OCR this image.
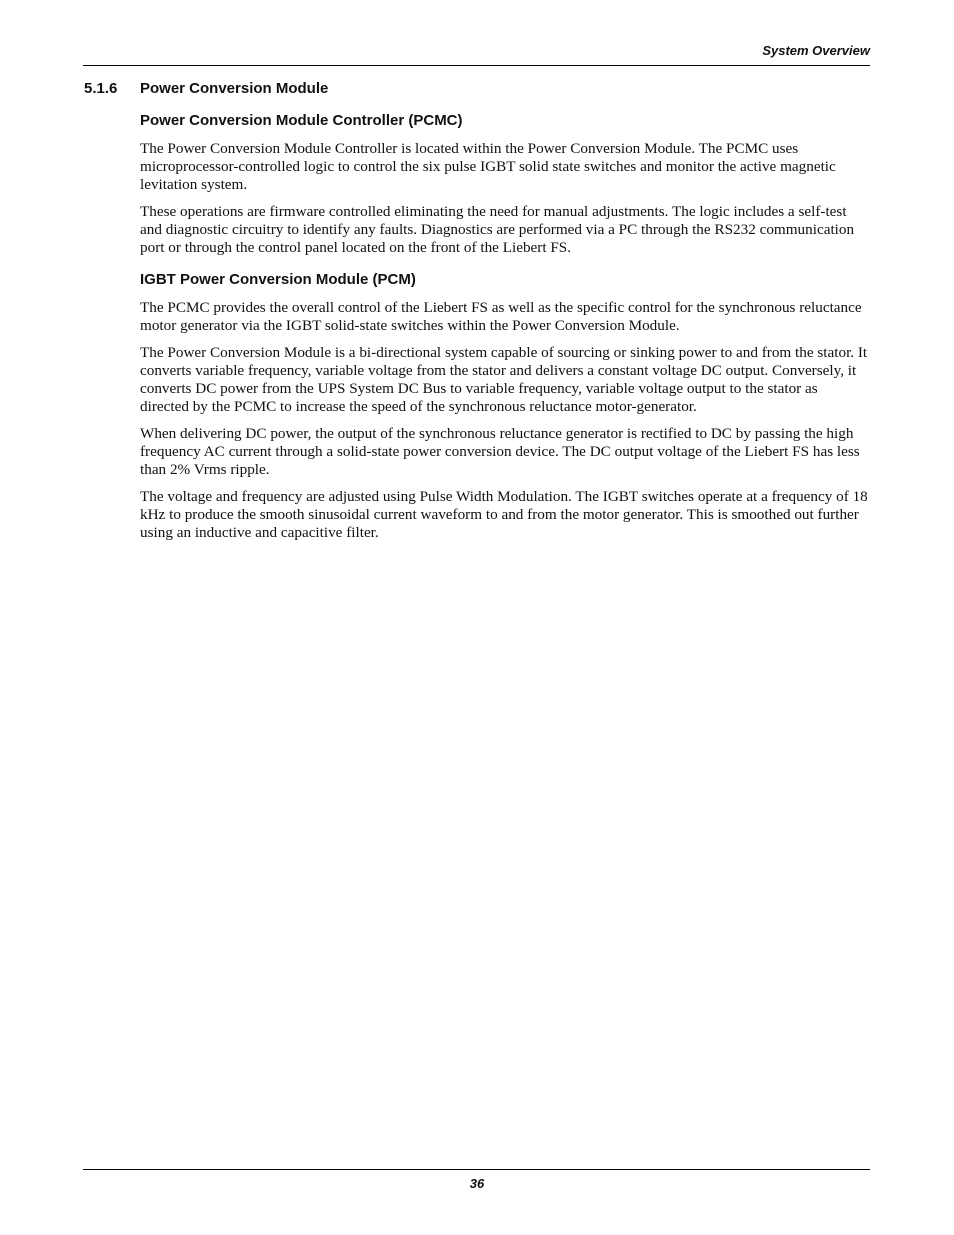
System Overview
5.1.6 Power Conversion Module
Power Conversion Module Controller (PCMC)

The Power Conversion Module Controller is located within the Power Conversion Module. The PCMC uses microprocessor-controlled logic to control the six pulse IGBT solid state switches and monitor the active magnetic levitation system.

These operations are firmware controlled eliminating the need for manual adjustments. The logic includes a self-test and diagnostic circuitry to identify any faults. Diagnostics are performed via a PC through the RS232 communication port or through the control panel located on the front of the Liebert FS.

IGBT Power Conversion Module (PCM)

The PCMC provides the overall control of the Liebert FS as well as the specific control for the synchronous reluctance motor generator via the IGBT solid-state switches within the Power Conversion Module.

The Power Conversion Module is a bi-directional system capable of sourcing or sinking power to and from the stator. It converts variable frequency, variable voltage from the stator and delivers a constant voltage DC output. Conversely, it converts DC power from the UPS System DC Bus to variable frequency, variable voltage output to the stator as directed by the PCMC to increase the speed of the synchronous reluctance motor-generator.

When delivering DC power, the output of the synchronous reluctance generator is rectified to DC by passing the high frequency AC current through a solid-state power conversion device. The DC output voltage of the Liebert FS has less than 2% Vrms ripple.

The voltage and frequency are adjusted using Pulse Width Modulation. The IGBT switches operate at a frequency of 18 kHz to produce the smooth sinusoidal current waveform to and from the motor generator. This is smoothed out further using an inductive and capacitive filter.

36
